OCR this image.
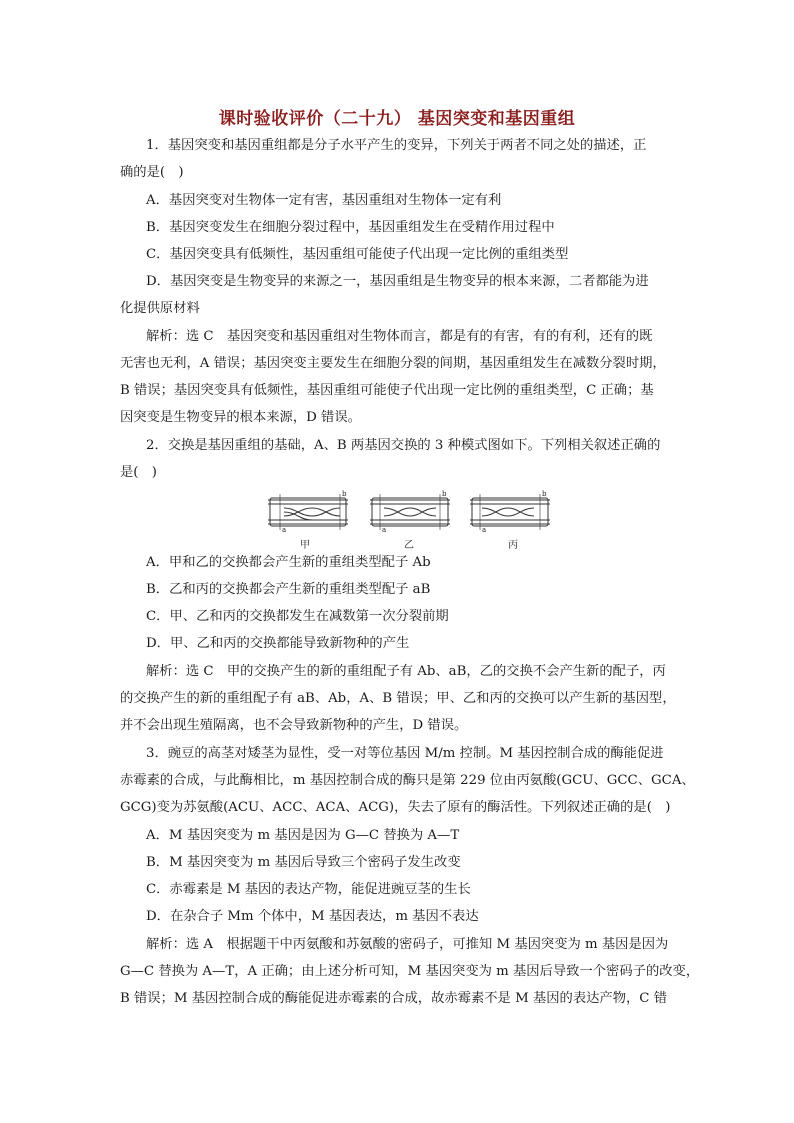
课时验收评价（二十九） 基因突变和基因重组
1．基因突变和基因重组都是分子水平产生的变异，下列关于两者不同之处的描述，正
确的是(　)
A．基因突变对生物体一定有害，基因重组对生物体一定有利
B．基因突变发生在细胞分裂过程中，基因重组发生在受精作用过程中
C．基因突变具有低频性，基因重组可能使子代出现一定比例的重组类型
D．基因突变是生物变异的来源之一，基因重组是生物变异的根本来源，二者都能为进
化提供原材料
解析：选 C　基因突变和基因重组对生物体而言，都是有的有害，有的有利，还有的既
无害也无利，A 错误；基因突变主要发生在细胞分裂的间期，基因重组发生在减数分裂时期，
B 错误；基因突变具有低频性，基因重组可能使子代出现一定比例的重组类型，C 正确；基
因突变是生物变异的根本来源，D 错误。
2．交换是基因重组的基础，A、B 两基因交换的 3 种模式图如下。下列相关叙述正确的
是(　)
a
b
a
b
a
b
甲	乙	丙
A．甲和乙的交换都会产生新的重组类型配子 Ab
B．乙和丙的交换都会产生新的重组类型配子 aB
C．甲、乙和丙的交换都发生在减数第一次分裂前期
D．甲、乙和丙的交换都能导致新物种的产生
解析：选 C　甲的交换产生的新的重组配子有 Ab、aB，乙的交换不会产生新的配子，丙
的交换产生的新的重组配子有 aB、Ab，A、B 错误；甲、乙和丙的交换可以产生新的基因型，
并不会出现生殖隔离，也不会导致新物种的产生，D 错误。
3．豌豆的高茎对矮茎为显性，受一对等位基因 M/m 控制。M 基因控制合成的酶能促进
赤霉素的合成，与此酶相比，m 基因控制合成的酶只是第 229 位由丙氨酸(GCU、GCC、GCA、
GCG)变为苏氨酸(ACU、ACC、ACA、ACG)，失去了原有的酶活性。下列叙述正确的是(　)
A．M 基因突变为 m 基因是因为 G—C 替换为 A—T
B．M 基因突变为 m 基因后导致三个密码子发生改变
C．赤霉素是 M 基因的表达产物，能促进豌豆茎的生长
D．在杂合子 Mm 个体中，M 基因表达，m 基因不表达
解析：选 A　根据题干中丙氨酸和苏氨酸的密码子，可推知 M 基因突变为 m 基因是因为
G—C 替换为 A—T，A 正确；由上述分析可知，M 基因突变为 m 基因后导致一个密码子的改变，
B 错误；M 基因控制合成的酶能促进赤霉素的合成，故赤霉素不是 M 基因的表达产物，C 错
